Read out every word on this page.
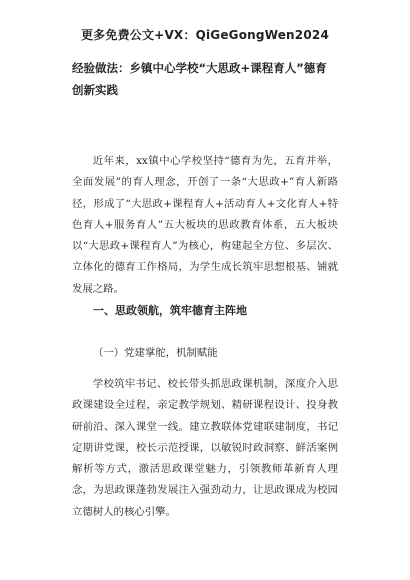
更多免费公文+VX：QiGeGongWen2024
经验做法：乡镇中心学校“大思政+课程育人”德育创新实践

近年来，xx镇中心学校坚持“德育为先，五育并举，全面发展”的育人理念，开创了一条“大思政+”育人新路径，形成了“大思政+课程育人+活动育人+文化育人+特色育人+服务育人”五大板块的思政教育体系，五大板块以“大思政+课程育人”为核心，构建起全方位、多层次、立体化的德育工作格局，为学生成长筑牢思想根基、铺就发展之路。

一、思政领航，筑牢德育主阵地
（一）党建掌舵，机制赋能

学校筑牢书记、校长带头抓思政课机制，深度介入思政课建设全过程，亲定教学规划、精研课程设计、投身教研前沿、深入课堂一线。建立教联体党建联建制度，书记定期讲党课，校长示范授课，以敏锐时政洞察、鲜活案例解析等方式，激活思政课堂魅力，引领教师革新育人理念，为思政课蓬勃发展注入强劲动力，让思政课成为校园立德树人的核心引擎。
